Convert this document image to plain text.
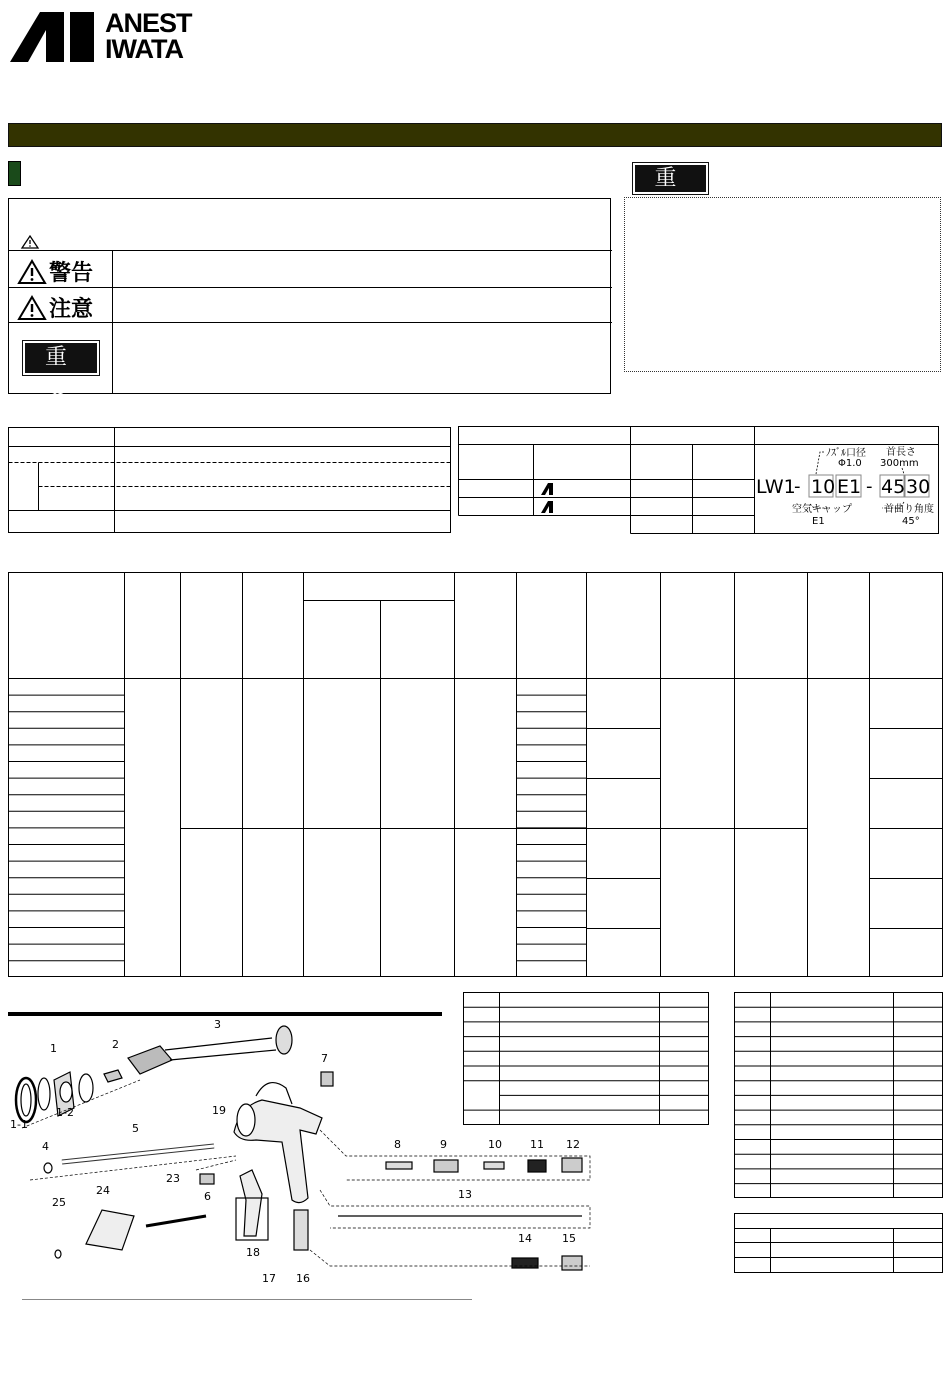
ANEST
IWATA
重 要
警告
注意
重 要
ﾉｽﾞﾙ口径
Φ1.0
首長さ
300mm
LW1
- 10 E1 - 45 30
空気キャップ
E1
首曲り角度
45°
1
1-1
1-2
2
3
4
5
6
7
8	9	10	11 12
13
14	15
16
17
18
19
23
24
25
